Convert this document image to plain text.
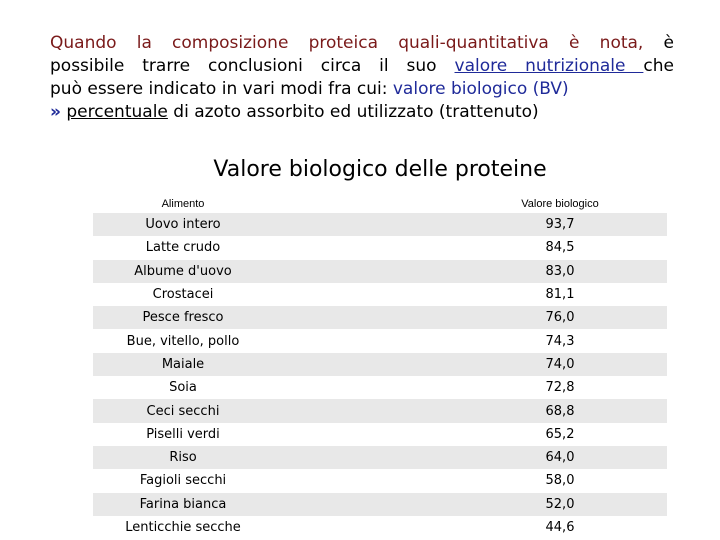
Quando la composizione proteica quali-quantitativa è nota, è
possibile trarre conclusioni circa il suo valore nutrizionale che
può essere indicato in vari modi fra cui: valore biologico (BV)
» percentuale di azoto assorbito ed utilizzato (trattenuto)
Valore biologico delle proteine
Alimento	Valore biologico
Uovo intero	93,7
Latte crudo	84,5
Albume d'uovo	83,0
Crostacei	81,1
Pesce fresco	76,0
Bue, vitello, pollo	74,3
Maiale	74,0
Soia	72,8
Ceci secchi	68,8
Piselli verdi	65,2
Riso	64,0
Fagioli secchi	58,0
Farina bianca	52,0
Lenticchie secche	44,6
